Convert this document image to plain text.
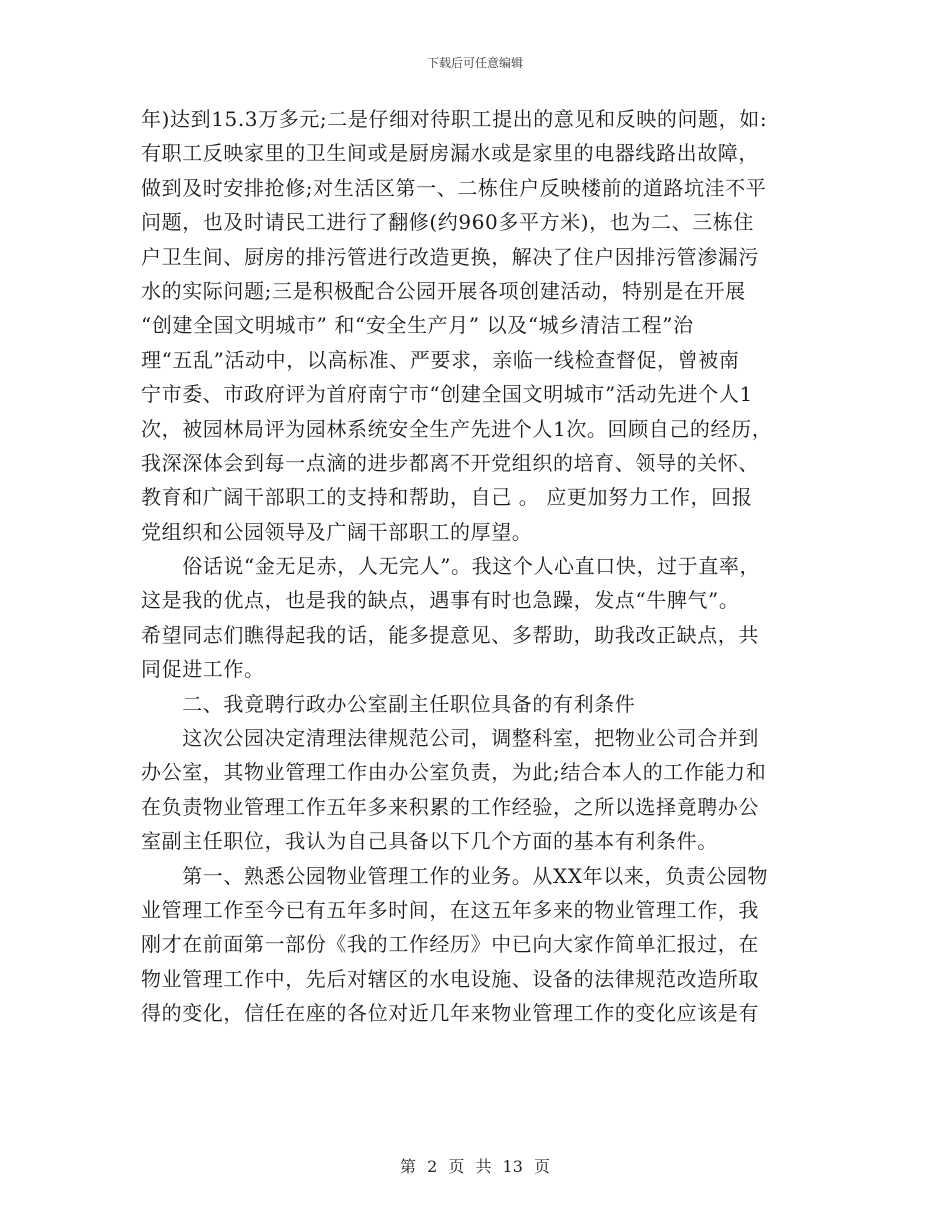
下载后可任意编辑
年)达到15.3万多元;二是仔细对待职工提出的意见和反映的问题，如:
有职工反映家里的卫生间或是厨房漏水或是家里的电器线路出故障，
做到及时安排抢修;对生活区第一、二栋住户反映楼前的道路坑洼不平
问题，也及时请民工进行了翻修(约960多平方米)，也为二、三栋住
户卫生间、厨房的排污管进行改造更换，解决了住户因排污管渗漏污
水的实际问题;三是积极配合公园开展各项创建活动，特别是在开展
“创建全国文明城市” 和“安全生产月” 以及“城乡清洁工程”治
理“五乱”活动中，以高标准、严要求，亲临一线检查督促，曾被南
宁市委、市政府评为首府南宁市“创建全国文明城市”活动先进个人1
次，被园林局评为园林系统安全生产先进个人1次。回顾自己的经历，
我深深体会到每一点滴的进步都离不开党组织的培育、领导的关怀、
教育和广阔干部职工的支持和帮助，自己 。 应更加努力工作，回报
党组织和公园领导及广阔干部职工的厚望。
　　俗话说“金无足赤，人无完人”。我这个人心直口快，过于直率，
这是我的优点，也是我的缺点，遇事有时也急躁，发点“牛脾气”。
希望同志们瞧得起我的话，能多提意见、多帮助，助我改正缺点，共
同促进工作。
　　二、我竟聘行政办公室副主任职位具备的有利条件
　　这次公园决定清理法律规范公司，调整科室，把物业公司合并到
办公室，其物业管理工作由办公室负责，为此;结合本人的工作能力和
在负责物业管理工作五年多来积累的工作经验，之所以选择竟聘办公
室副主任职位，我认为自己具备以下几个方面的基本有利条件。
　　第一、熟悉公园物业管理工作的业务。从XX年以来，负责公园物
业管理工作至今已有五年多时间，在这五年多来的物业管理工作，我
刚才在前面第一部份《我的工作经历》中已向大家作简单汇报过，在
物业管理工作中，先后对辖区的水电设施、设备的法律规范改造所取
得的变化，信任在座的各位对近几年来物业管理工作的变化应该是有
第 2 页 共 13 页
